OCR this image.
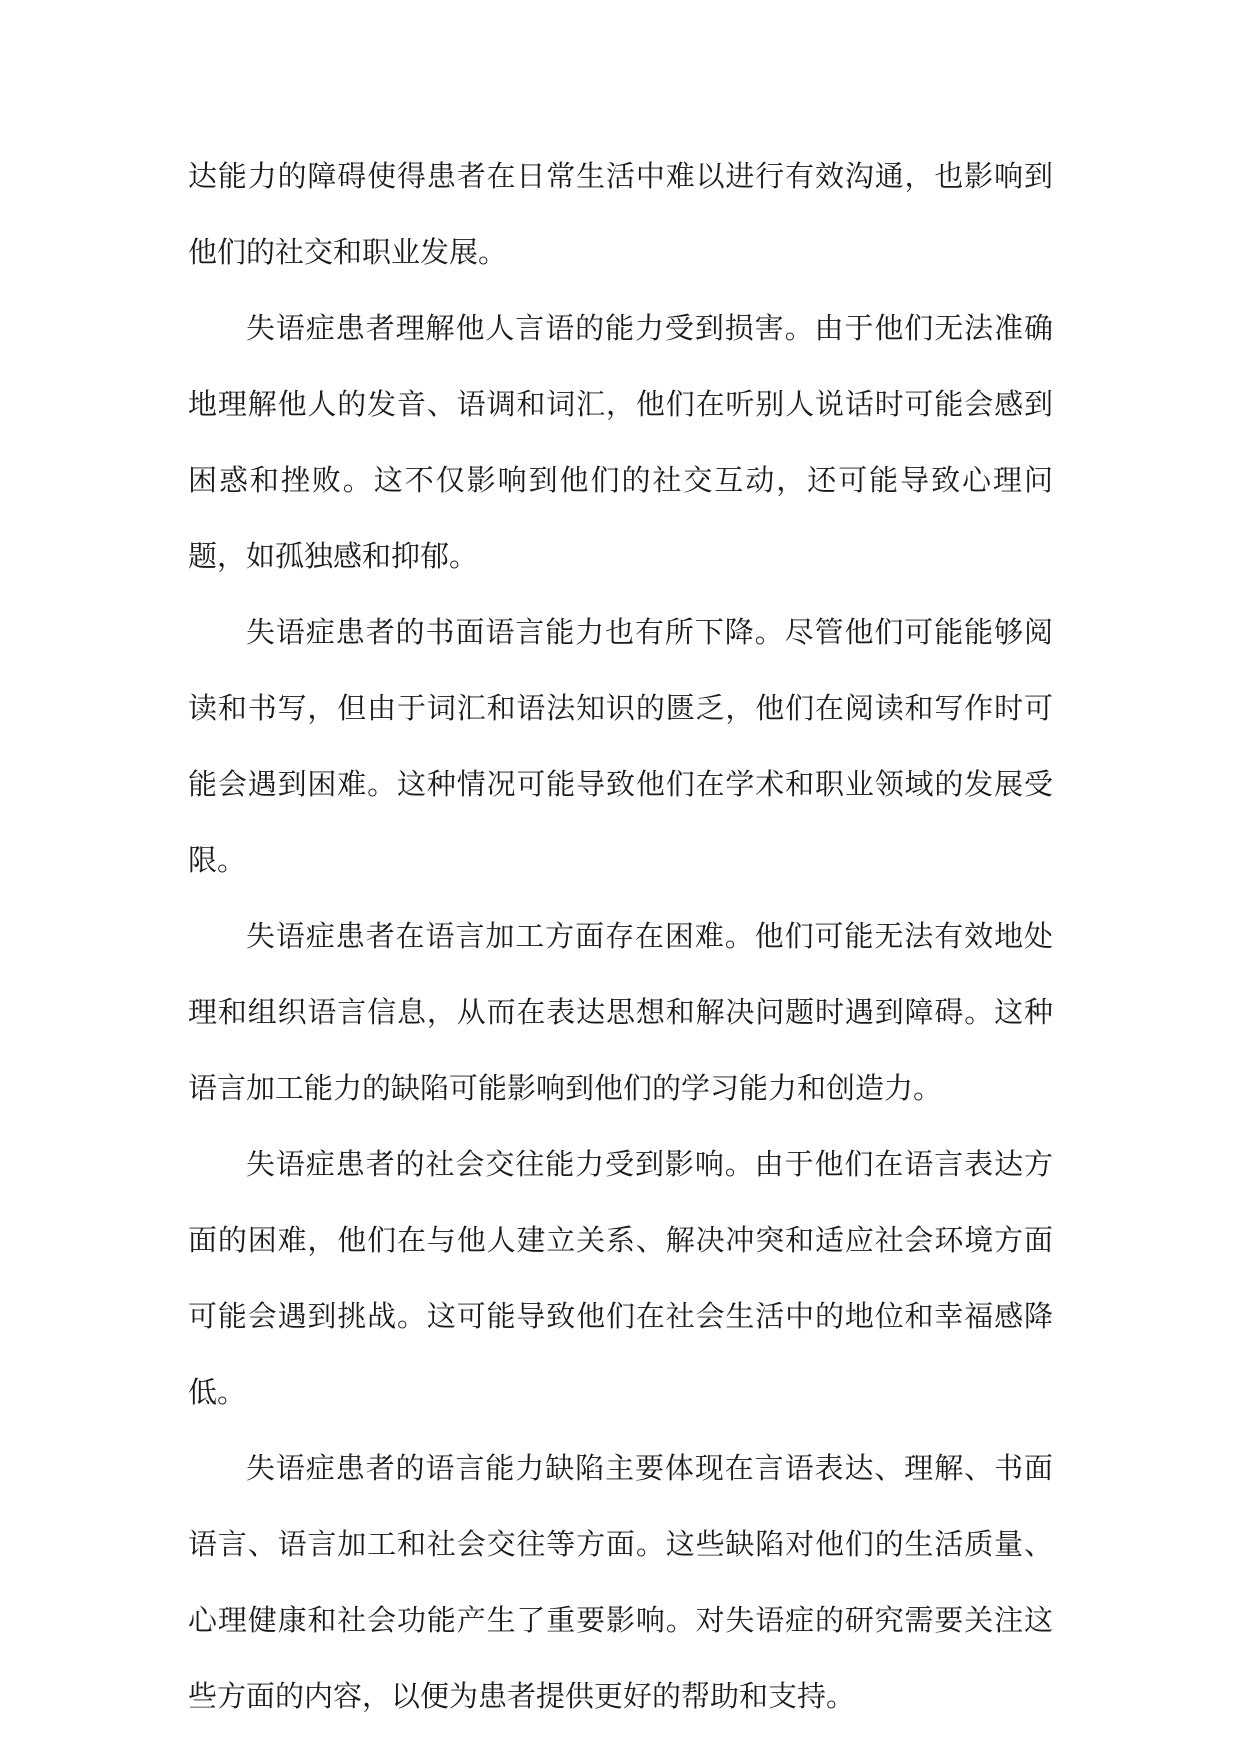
达能力的障碍使得患者在日常生活中难以进行有效沟通，也影响到他们的社交和职业发展。

失语症患者理解他人言语的能力受到损害。由于他们无法准确地理解他人的发音、语调和词汇，他们在听别人说话时可能会感到困惑和挫败。这不仅影响到他们的社交互动，还可能导致心理问题，如孤独感和抑郁。

失语症患者的书面语言能力也有所下降。尽管他们可能能够阅读和书写，但由于词汇和语法知识的匮乏，他们在阅读和写作时可能会遇到困难。这种情况可能导致他们在学术和职业领域的发展受限。

失语症患者在语言加工方面存在困难。他们可能无法有效地处理和组织语言信息，从而在表达思想和解决问题时遇到障碍。这种语言加工能力的缺陷可能影响到他们的学习能力和创造力。

失语症患者的社会交往能力受到影响。由于他们在语言表达方面的困难，他们在与他人建立关系、解决冲突和适应社会环境方面可能会遇到挑战。这可能导致他们在社会生活中的地位和幸福感降低。

失语症患者的语言能力缺陷主要体现在言语表达、理解、书面语言、语言加工和社会交往等方面。这些缺陷对他们的生活质量、心理健康和社会功能产生了重要影响。对失语症的研究需要关注这些方面的内容，以便为患者提供更好的帮助和支持。
